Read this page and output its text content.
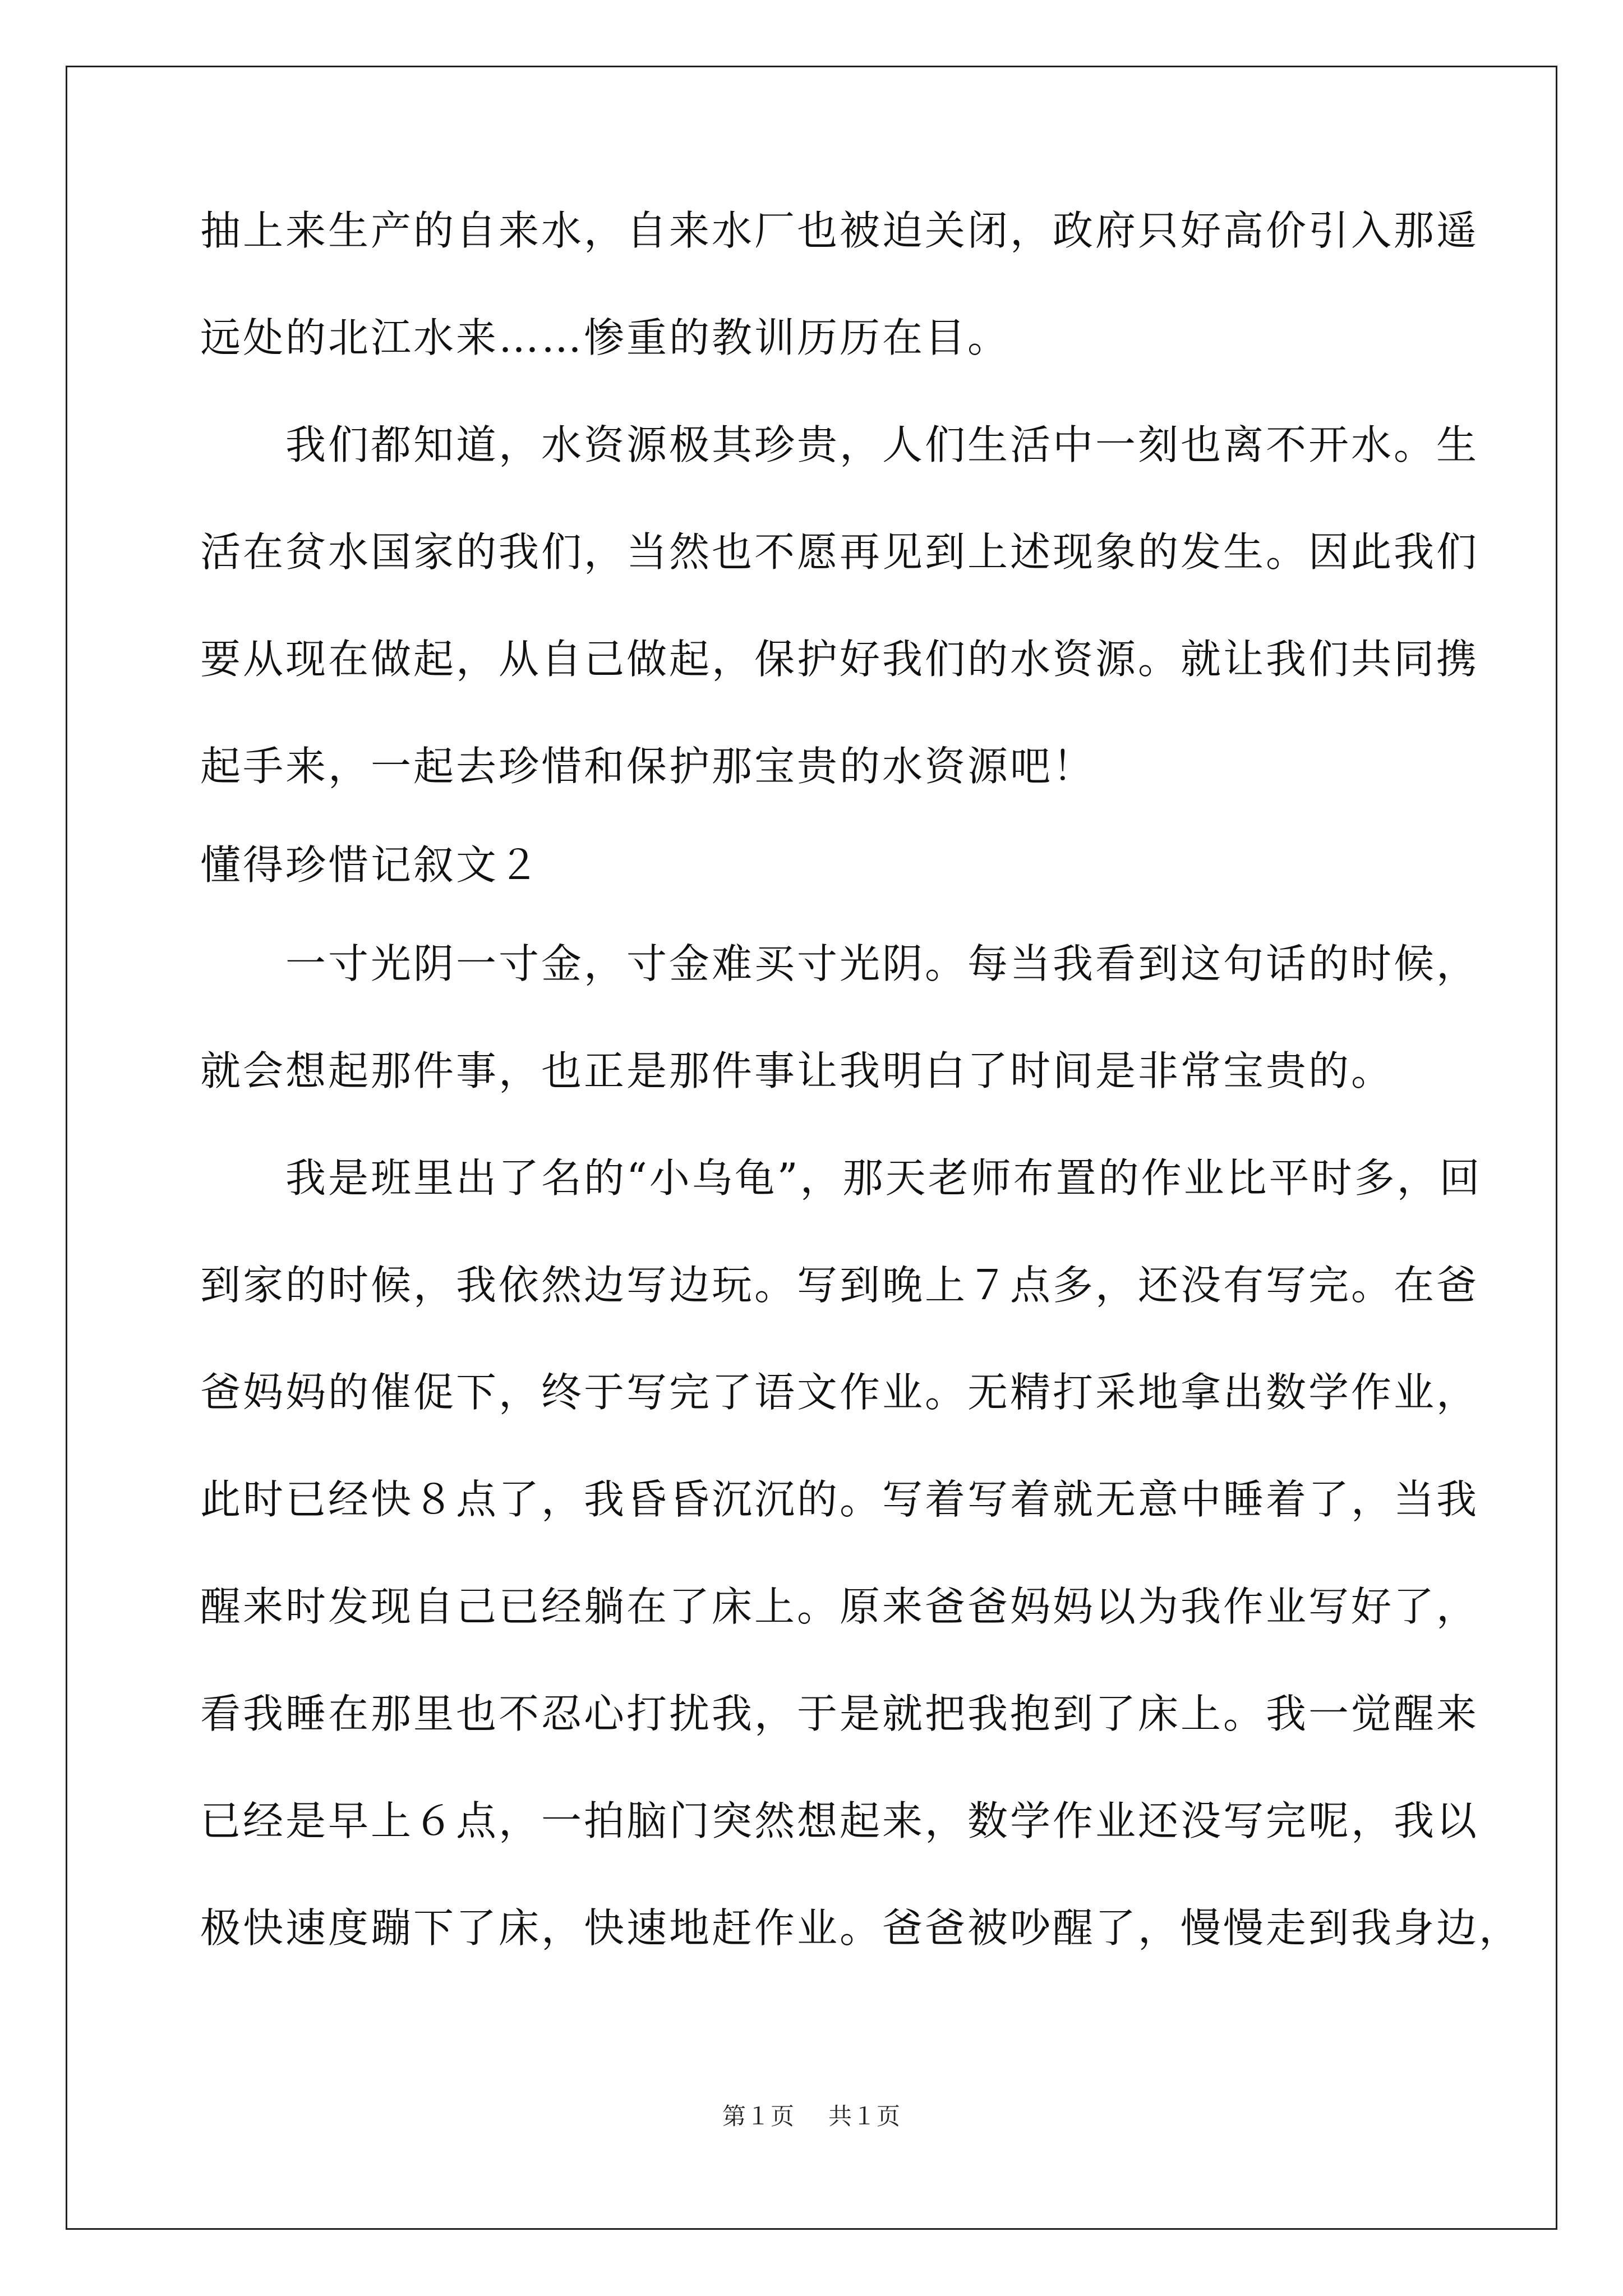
抽上来生产的自来水，自来水厂也被迫关闭，政府只好高价引入那遥
远处的北江水来……惨重的教训历历在目。
　　我们都知道，水资源极其珍贵，人们生活中一刻也离不开水。生
活在贫水国家的我们，当然也不愿再见到上述现象的发生。因此我们
要从现在做起，从自己做起，保护好我们的水资源。就让我们共同携
起手来，一起去珍惜和保护那宝贵的水资源吧！
懂得珍惜记叙文２
　　一寸光阴一寸金，寸金难买寸光阴。每当我看到这句话的时候，
就会想起那件事，也正是那件事让我明白了时间是非常宝贵的。
　　我是班里出了名的“小乌龟”，那天老师布置的作业比平时多，回
到家的时候，我依然边写边玩。写到晚上７点多，还没有写完。在爸
爸妈妈的催促下，终于写完了语文作业。无精打采地拿出数学作业，
此时已经快８点了，我昏昏沉沉的。写着写着就无意中睡着了，当我
醒来时发现自己已经躺在了床上。原来爸爸妈妈以为我作业写好了，
看我睡在那里也不忍心打扰我，于是就把我抱到了床上。我一觉醒来
已经是早上６点，一拍脑门突然想起来，数学作业还没写完呢，我以
极快速度蹦下了床，快速地赶作业。爸爸被吵醒了，慢慢走到我身边，
第１页 共１页
